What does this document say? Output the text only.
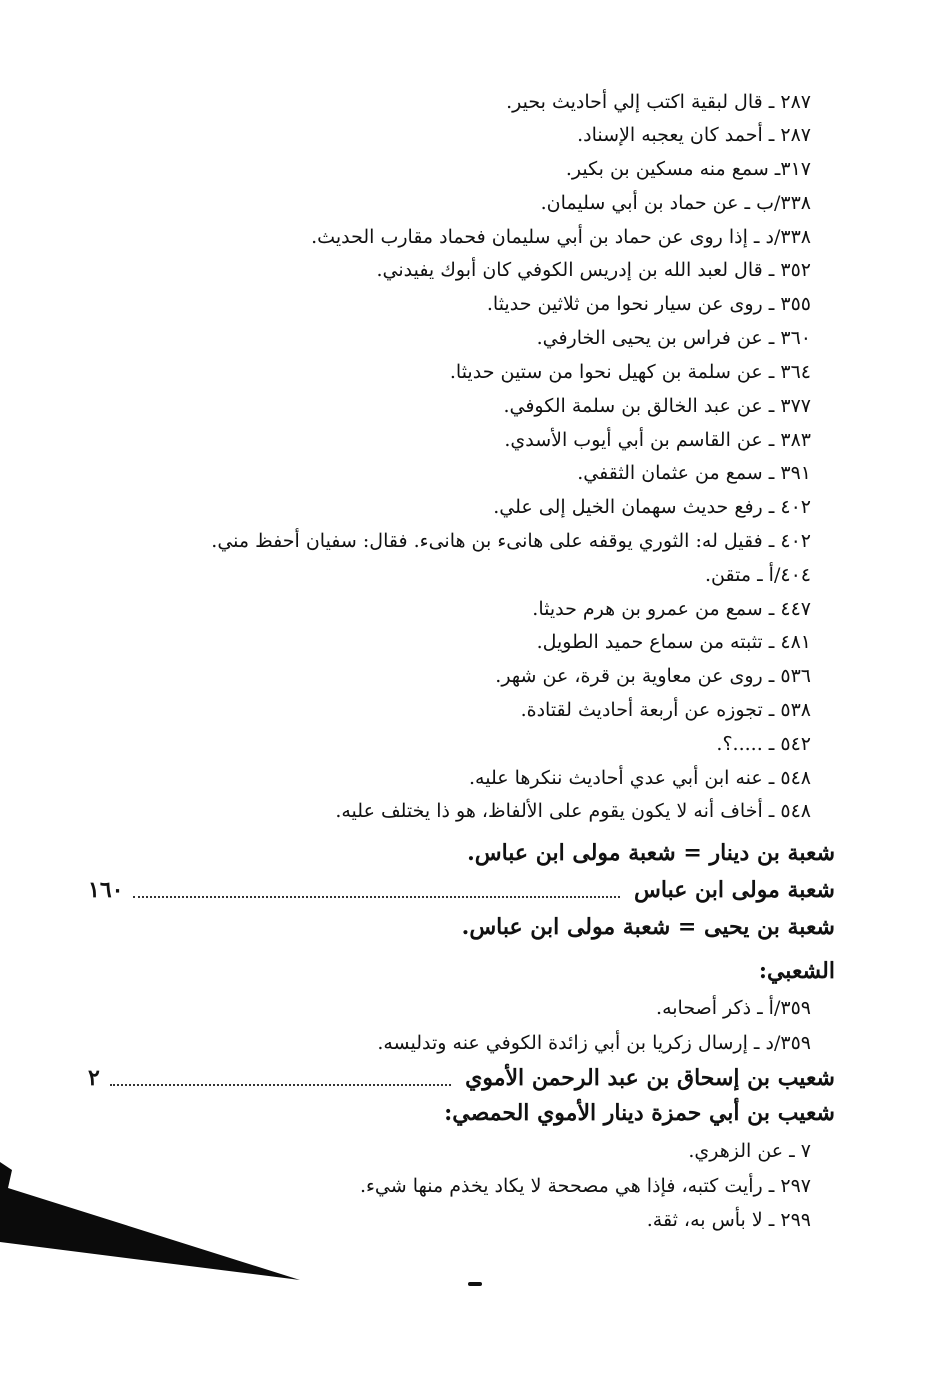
٢٨٧ ـ قال لبقية اكتب إلي أحاديث بحير.
٢٨٧ ـ أحمد كان يعجبه الإسناد.
٣١٧ـ سمع منه مسكين بن بكير.
٣٣٨/ب ـ عن حماد بن أبي سليمان.
٣٣٨/د ـ إذا روى عن حماد بن أبي سليمان فحماد مقارب الحديث.
٣٥٢ ـ قال لعبد الله بن إدريس الكوفي كان أبوك يفيدني.
٣٥٥ ـ روى عن سيار نحوا من ثلاثين حديثا.
٣٦٠ ـ عن فراس بن يحيى الخارفي.
٣٦٤ ـ عن سلمة بن كهيل نحوا من ستين حديثا.
٣٧٧ ـ عن عبد الخالق بن سلمة الكوفي.
٣٨٣ ـ عن القاسم بن أبي أيوب الأسدي.
٣٩١ ـ سمع من عثمان الثقفي.
٤٠٢ ـ رفع حديث سهمان الخيل إلى علي.
٤٠٢ ـ فقيل له: الثوري يوقفه على هانىء بن هانىء. فقال: سفيان أحفظ مني.
٤٠٤/أ ـ متقن.
٤٤٧ ـ سمع من عمرو بن هرم حديثا.
٤٨١ ـ تثبته من سماع حميد الطويل.
٥٣٦ ـ روى عن معاوية بن قرة، عن شهر.
٥٣٨ ـ تجوزه عن أربعة أحاديث لقتادة.
٥٤٢ ـ .....؟.
٥٤٨ ـ عنه ابن أبي عدي أحاديث ننكرها عليه.
٥٤٨ ـ أخاف أنه لا يكون يقوم على الألفاظ، هو ذا يختلف عليه.
شعبة بن دينار = شعبة مولى ابن عباس.
شعبة مولى ابن عباس
١٦٠
شعبة بن يحيى = شعبة مولى ابن عباس.
الشعبي:
٣٥٩/أ ـ ذكر أصحابه.
٣٥٩/د ـ إرسال زكريا بن أبي زائدة الكوفي عنه وتدليسه.
شعيب بن إسحاق بن عبد الرحمن الأموي
٢
شعيب بن أبي حمزة دينار الأموي الحمصي:
٧ ـ عن الزهري.
٢٩٧ ـ رأيت كتبه، فإذا هي مصححة لا يكاد يخذم منها شيء.
٢٩٩ ـ لا بأس به، ثقة.
